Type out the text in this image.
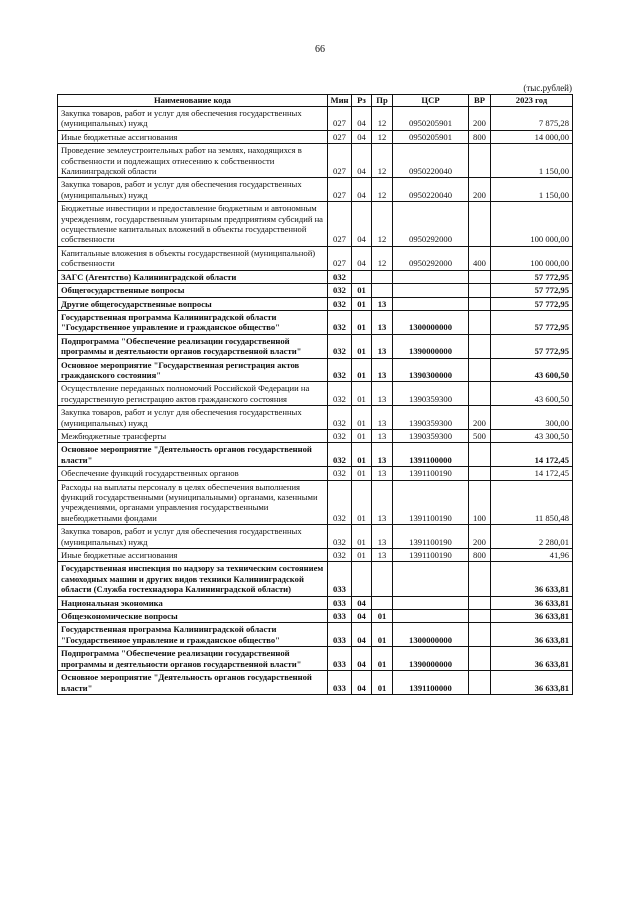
66
(тыс.рублей)
Наименование кода	Мин	Рз	Пр	ЦСР	ВР	2023 год
Закупка товаров, работ и услуг для обеспечения государственных (муниципальных) нужд	027	04	12	0950205901	200	7 875,28
Иные бюджетные ассигнования	027	04	12	0950205901	800	14 000,00
Проведение землеустроительных работ на землях, находящихся в собственности и подлежащих отнесению к собственности Калининградской области	027	04	12	0950220040		1 150,00
Закупка товаров, работ и услуг для обеспечения государственных (муниципальных) нужд	027	04	12	0950220040	200	1 150,00
Бюджетные инвестиции и предоставление бюджетным и автономным учреждениям, государственным унитарным предприятиям субсидий на осуществление капитальных вложений в объекты государственной собственности	027	04	12	0950292000		100 000,00
Капитальные вложения в объекты государственной (муниципальной) собственности	027	04	12	0950292000	400	100 000,00
ЗАГС (Агентство) Калининградской области	032					57 772,95
Общегосударственные вопросы	032	01				57 772,95
Другие общегосударственные вопросы	032	01	13			57 772,95
Государственная программа Калининградской области "Государственное управление и гражданское общество"	032	01	13	1300000000		57 772,95
Подпрограмма "Обеспечение реализации государственной программы и деятельности органов государственной власти"	032	01	13	1390000000		57 772,95
Основное мероприятие "Государственная регистрация актов гражданского состояния"	032	01	13	1390300000		43 600,50
Осуществление переданных полномочий Российской Федерации на государственную регистрацию актов гражданского состояния	032	01	13	1390359300		43 600,50
Закупка товаров, работ и услуг для обеспечения государственных (муниципальных) нужд	032	01	13	1390359300	200	300,00
Межбюджетные трансферты	032	01	13	1390359300	500	43 300,50
Основное мероприятие "Деятельность органов государственной власти"	032	01	13	1391100000		14 172,45
Обеспечение функций государственных органов	032	01	13	1391100190		14 172,45
Расходы на выплаты персоналу в целях обеспечения выполнения функций государственными (муниципальными) органами, казенными учреждениями, органами управления государственными внебюджетными фондами	032	01	13	1391100190	100	11 850,48
Закупка товаров, работ и услуг для обеспечения государственных (муниципальных) нужд	032	01	13	1391100190	200	2 280,01
Иные бюджетные ассигнования	032	01	13	1391100190	800	41,96
Государственная инспекция по надзору за техническим состоянием самоходных машин и других видов техники Калининградской области (Служба гостехнадзора Калининградской области)	033					36 633,81
Национальная экономика	033	04				36 633,81
Общеэкономические вопросы	033	04	01			36 633,81
Государственная программа Калининградской области "Государственное управление и гражданское общество"	033	04	01	1300000000		36 633,81
Подпрограмма "Обеспечение реализации государственной программы и деятельности органов государственной власти"	033	04	01	1390000000		36 633,81
Основное мероприятие "Деятельность органов государственной власти"	033	04	01	1391100000		36 633,81
